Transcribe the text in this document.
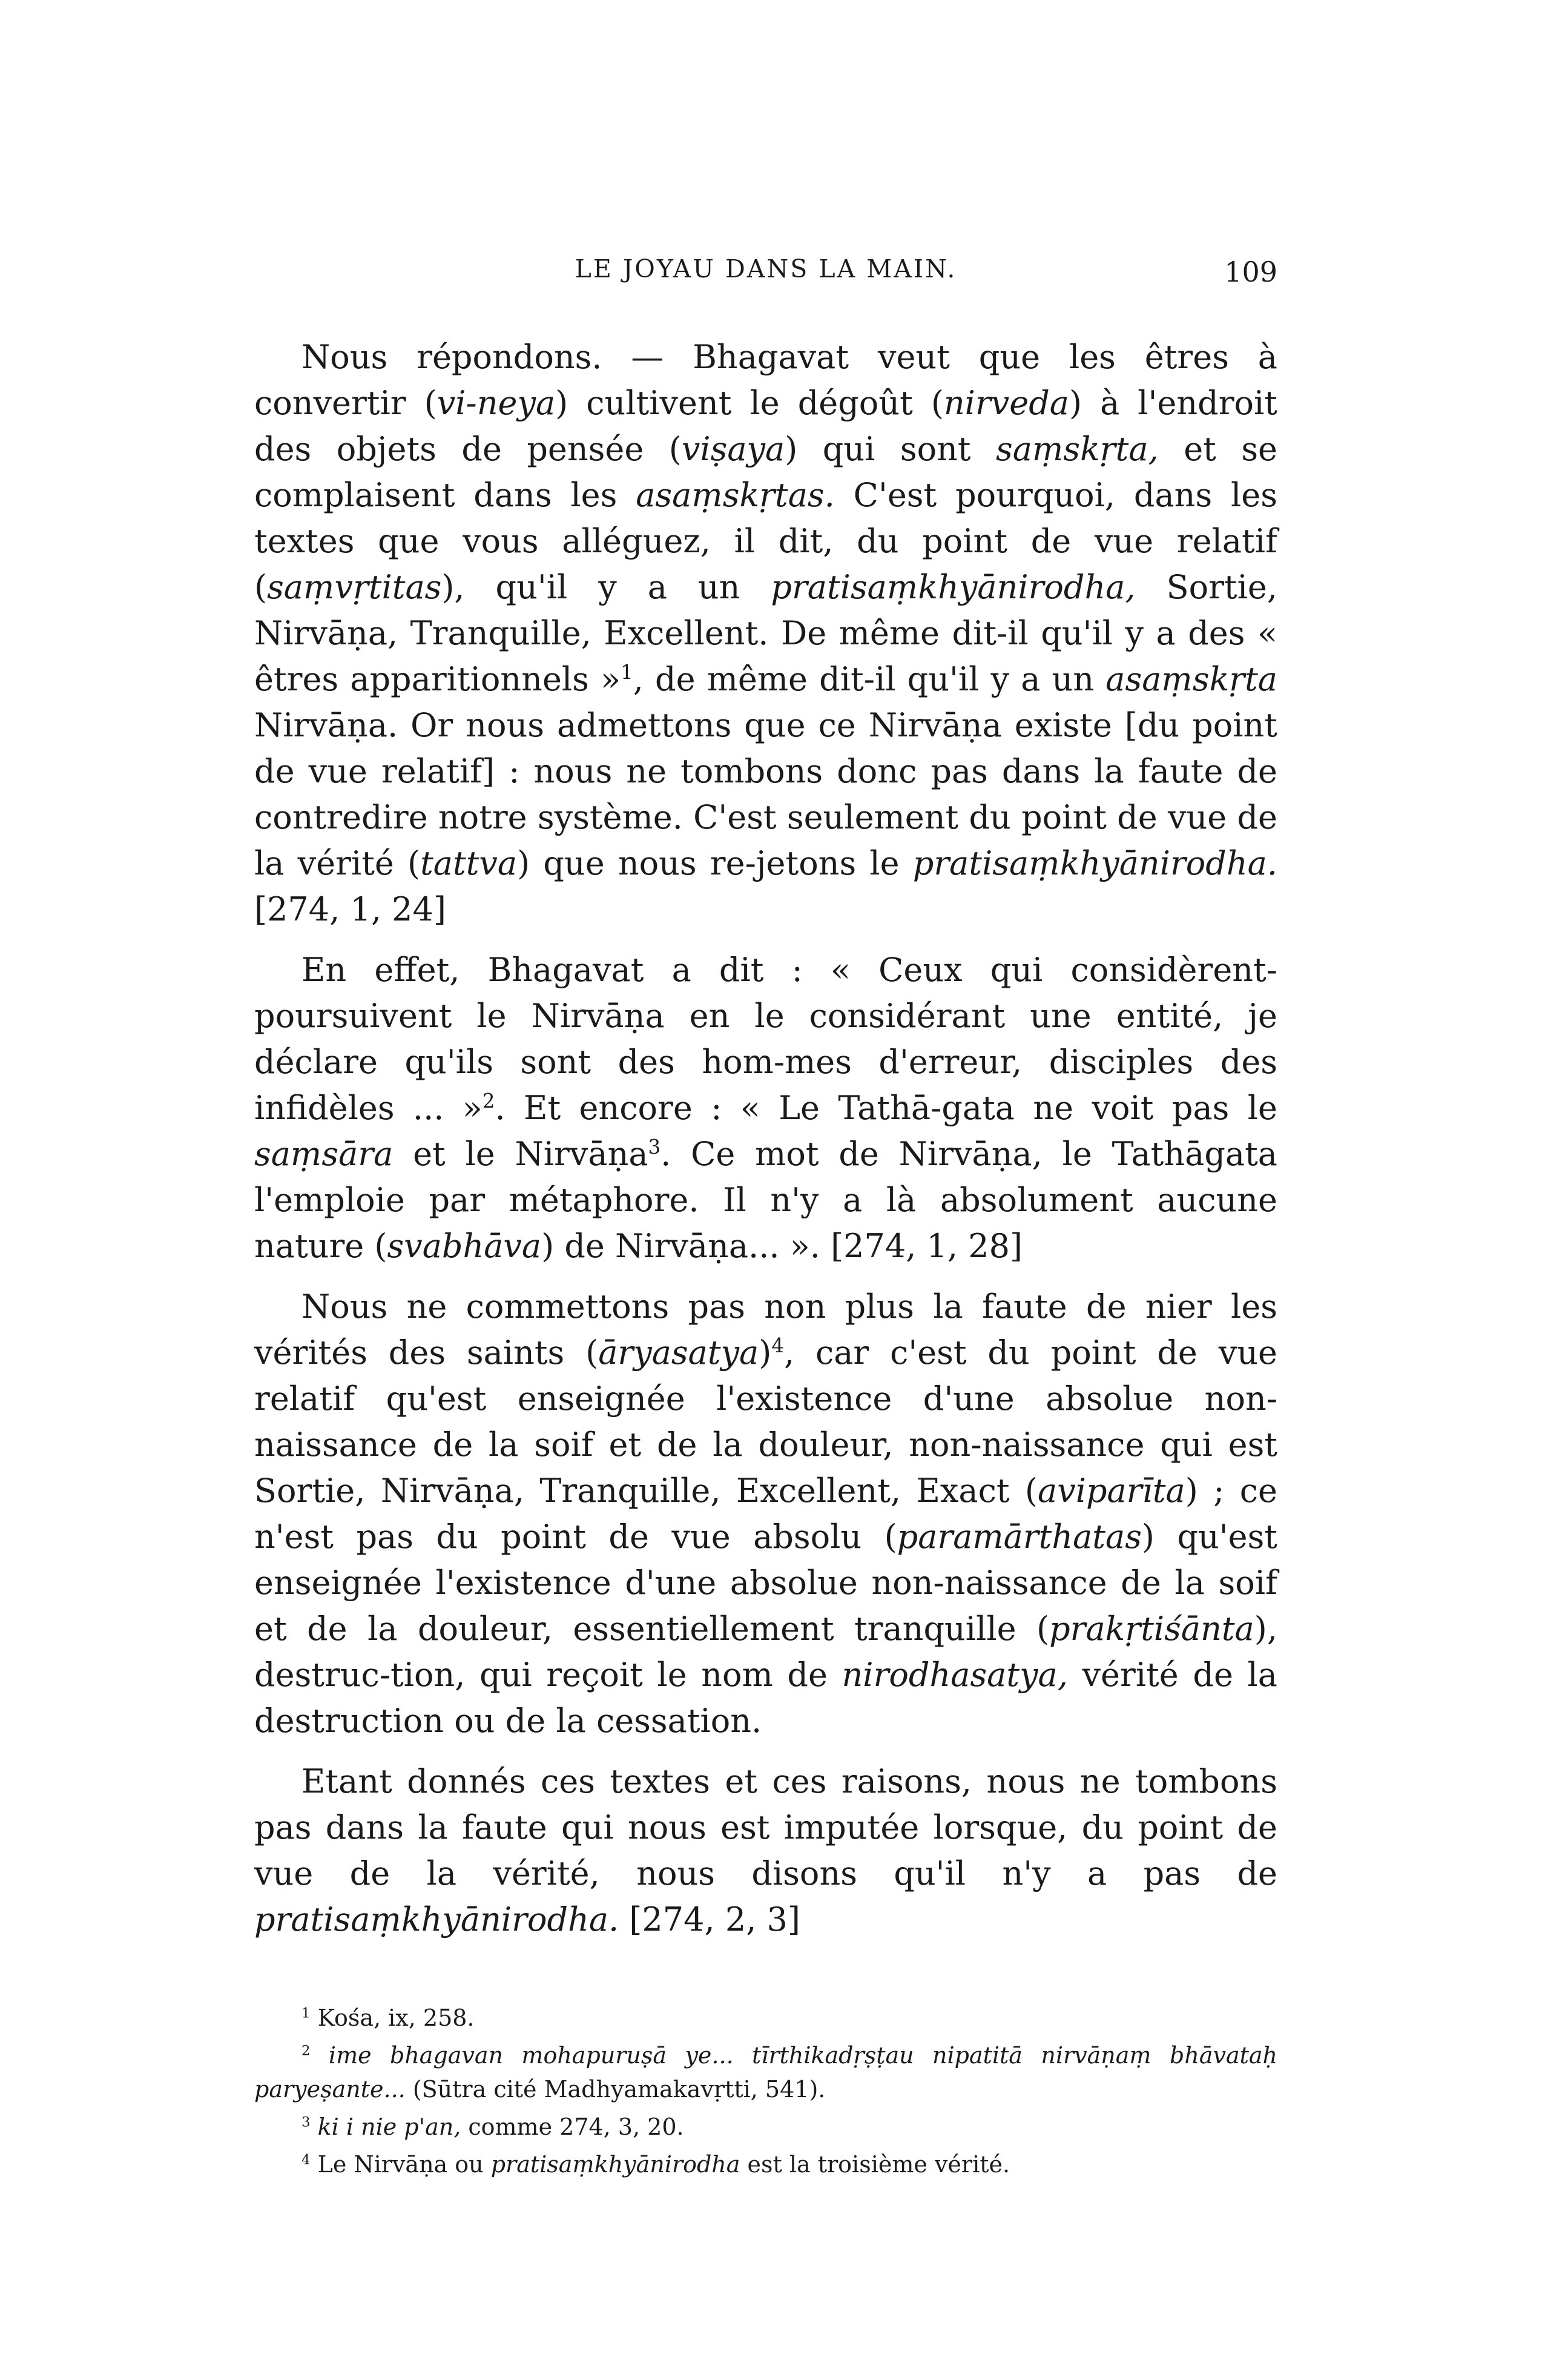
LE JOYAU DANS LA MAIN.	109

Nous répondons. — Bhagavat veut que les êtres à convertir (vi-neya) cultivent le dégoût (nirveda) à l'endroit des objets de pensée (viṣaya) qui sont saṃskṛta, et se complaisent dans les asaṃskṛtas. C'est pourquoi, dans les textes que vous alléguez, il dit, du point de vue relatif (saṃvṛtitas), qu'il y a un pratisaṃkhyānirodha, Sortie, Nirvāṇa, Tranquille, Excellent. De même dit-il qu'il y a des « êtres apparitionnels »$^1$, de même dit-il qu'il y a un asaṃskṛta Nirvāṇa. Or nous admettons que ce Nirvāṇa existe [du point de vue relatif] : nous ne tombons donc pas dans la faute de contredire notre système. C'est seulement du point de vue de la vérité (tattva) que nous re-jetons le pratisaṃkhyānirodha. [274, 1, 24]

En effet, Bhagavat a dit : « Ceux qui considèrent-poursuivent le Nirvāṇa en le considérant une entité, je déclare qu'ils sont des hom-mes d'erreur, disciples des infidèles ... »$^2$. Et encore : « Le Tathā-gata ne voit pas le saṃsāra et le Nirvāṇa$^3$. Ce mot de Nirvāṇa, le Tathāgata l'emploie par métaphore. Il n'y a là absolument aucune nature (svabhāva) de Nirvāṇa... ». [274, 1, 28]

Nous ne commettons pas non plus la faute de nier les vérités des saints (āryasatya)$^4$, car c'est du point de vue relatif qu'est enseignée l'existence d'une absolue non-naissance de la soif et de la douleur, non-naissance qui est Sortie, Nirvāṇa, Tranquille, Excellent, Exact (aviparīta) ; ce n'est pas du point de vue absolu (paramārthatas) qu'est enseignée l'existence d'une absolue non-naissance de la soif et de la douleur, essentiellement tranquille (prakṛtiśānta), destruc-tion, qui reçoit le nom de nirodhasatya, vérité de la destruction ou de la cessation.

Etant donnés ces textes et ces raisons, nous ne tombons pas dans la faute qui nous est imputée lorsque, du point de vue de la vérité, nous disons qu'il n'y a pas de pratisaṃkhyānirodha. [274, 2, 3]

$^1$ Kośa, ix, 258.

$^2$ ime bhagavan mohapuruṣā ye... tīrthikadṛṣṭau nipatitā nirvāṇaṃ bhāvataḥ paryeṣante... (Sūtra cité Madhyamakavṛtti, 541).

$^3$ ki i nie p'an, comme 274, 3, 20.

$^4$ Le Nirvāṇa ou pratisaṃkhyānirodha est la troisième vérité.
